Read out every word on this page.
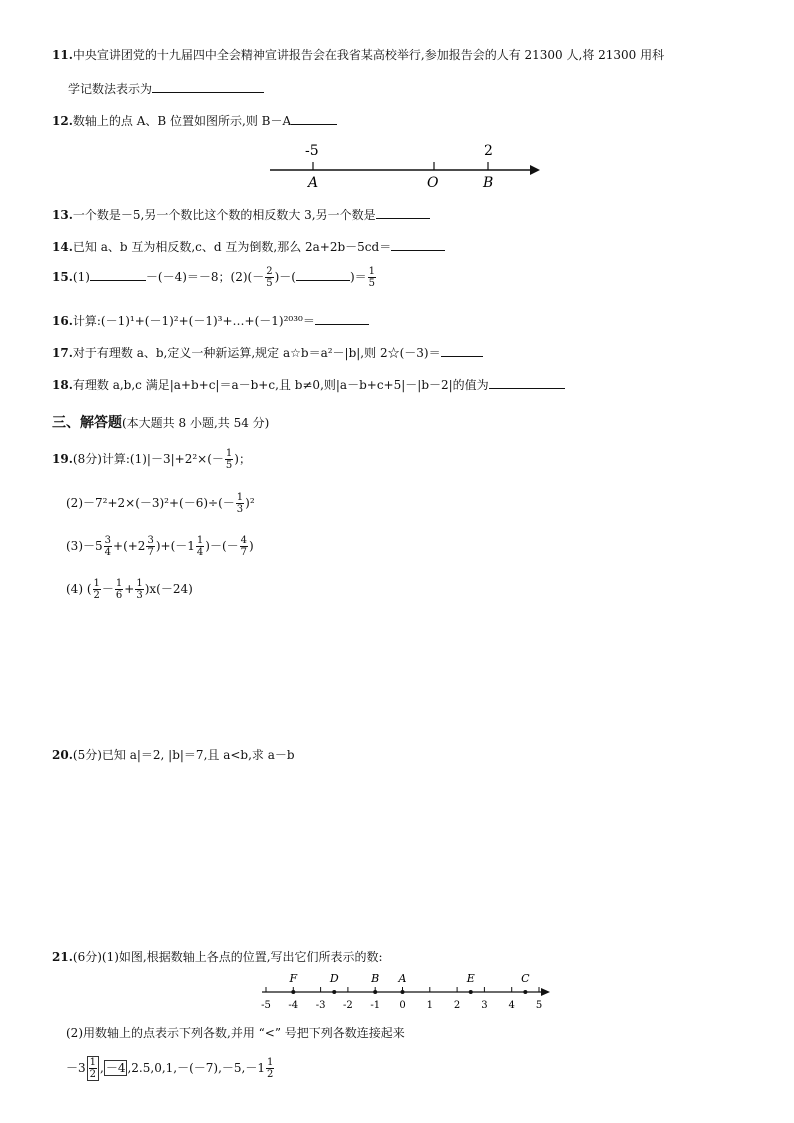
11.中央宣讲团党的十九届四中全会精神宣讲报告会在我省某高校举行,参加报告会的人有 21300 人,将 21300 用科
学记数法表示为
12.数轴上的点 A、B 位置如图所示,则 B－A
-5	2
A	O	B
13.一个数是－5,另一个数比这个数的相反数大 3,另一个数是
14.已知 a、b 互为相反数,c、d 互为倒数,那么 2a+2b－5cd＝
15.(1)	－(－4)＝－8；$(2)(- \frac{2}{5}$ )－(	)＝ $\frac{1}{5}$
16.计算:(－1)¹+(－1)²+(－1)³+…+(－1)²⁰³⁰＝
17.对于有理数 a、b,定义一种新运算,规定 a☆b＝a²－|b|,则 2☆(－3)＝
18.有理数 a,b,c 满足|a+b+c|＝a－b+c,且 b≠0,则|a－b+c+5|－|b－2|的值为
三、解答题(本大题共 8 小题,共 54 分)
19.(8分)计算:(1)|－3|+2²×(－ $\frac{1}{5}$ )；
$(2)-7^2+2\times(-3)^2+(-6)\div(- \frac{1}{3} )^2$
$(3)-5 \frac{3}{4} +(+2 \frac{3}{7} )+(-1 \frac{1}{4}$ )－(－ $\frac{4}{7}$ )
(4) ( $\frac{1}{2} - \frac{1}{6} + \frac{1}{3} )x(-24)$
20.(5分)已知 a|＝2, |b|＝7,且 a<b,求 a－b
21.(6分)(1)如图,根据数轴上各点的位置,写出它们所表示的数:
-5 -4 -3 -2 -1 0 1 2 3 4 5
F	D	B A	E	C
(2)用数轴上的点表示下列各数,并用 “<” 号把下列各数连接起来
$-3 \frac{1}{2}$ , －4 $,2.5,0,1,-(-7),-5,-1 \frac{1}{2}$
